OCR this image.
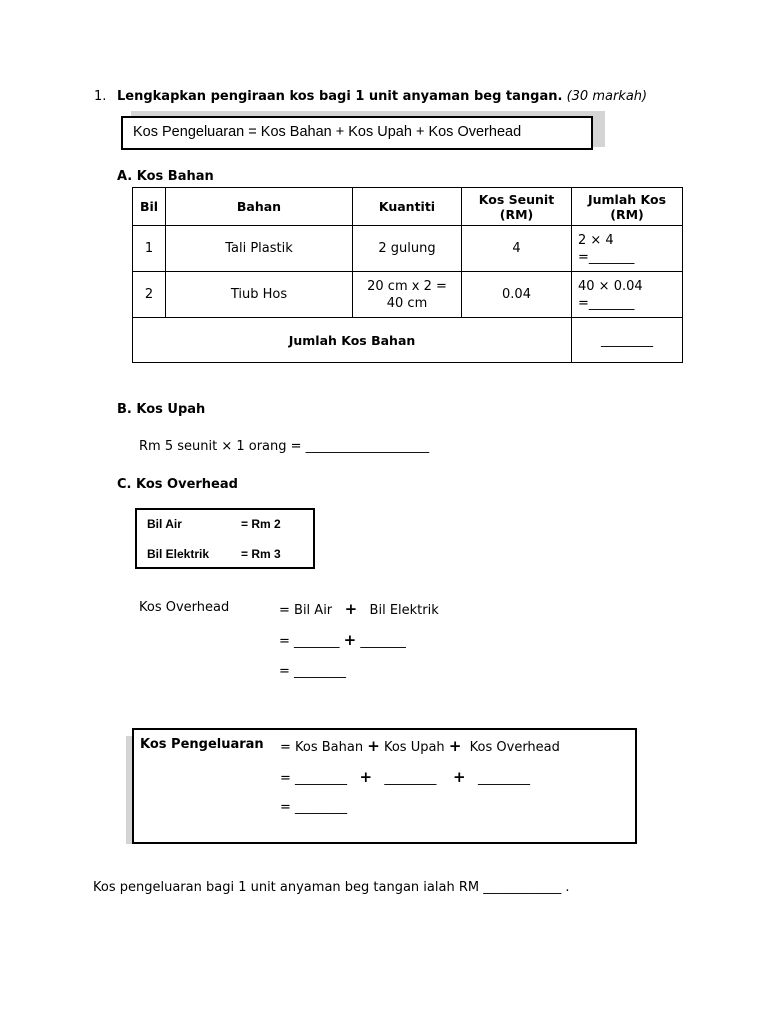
1. Lengkapkan pengiraan kos bagi 1 unit anyaman beg tangan. (30 markah)
Kos Pengeluaran = Kos Bahan + Kos Upah + Kos Overhead
A. Kos Bahan
Bil	Bahan	Kuantiti	Kos Seunit (RM)	Jumlah Kos (RM)
1	Tali Plastik	2 gulung	4	2 × 4
=_______

2	Tiub Hos	20 cm x 2 = 40 cm	0.04	40 × 0.04
=_______

Jumlah Kos Bahan				________
B. Kos Upah
Rm 5 seunit × 1 orang = ___________________
C. Kos Overhead
Bil Air	= Rm 2
Bil Elektrik	= Rm 3
Kos Overhead	= Bil Air + Bil Elektrik
= _______ + _______
= ________
Kos Pengeluaran = Kos Bahan + Kos Upah + Kos Overhead
= ________ + ________ + ________
= ________
Kos pengeluaran bagi 1 unit anyaman beg tangan ialah RM ____________ .
